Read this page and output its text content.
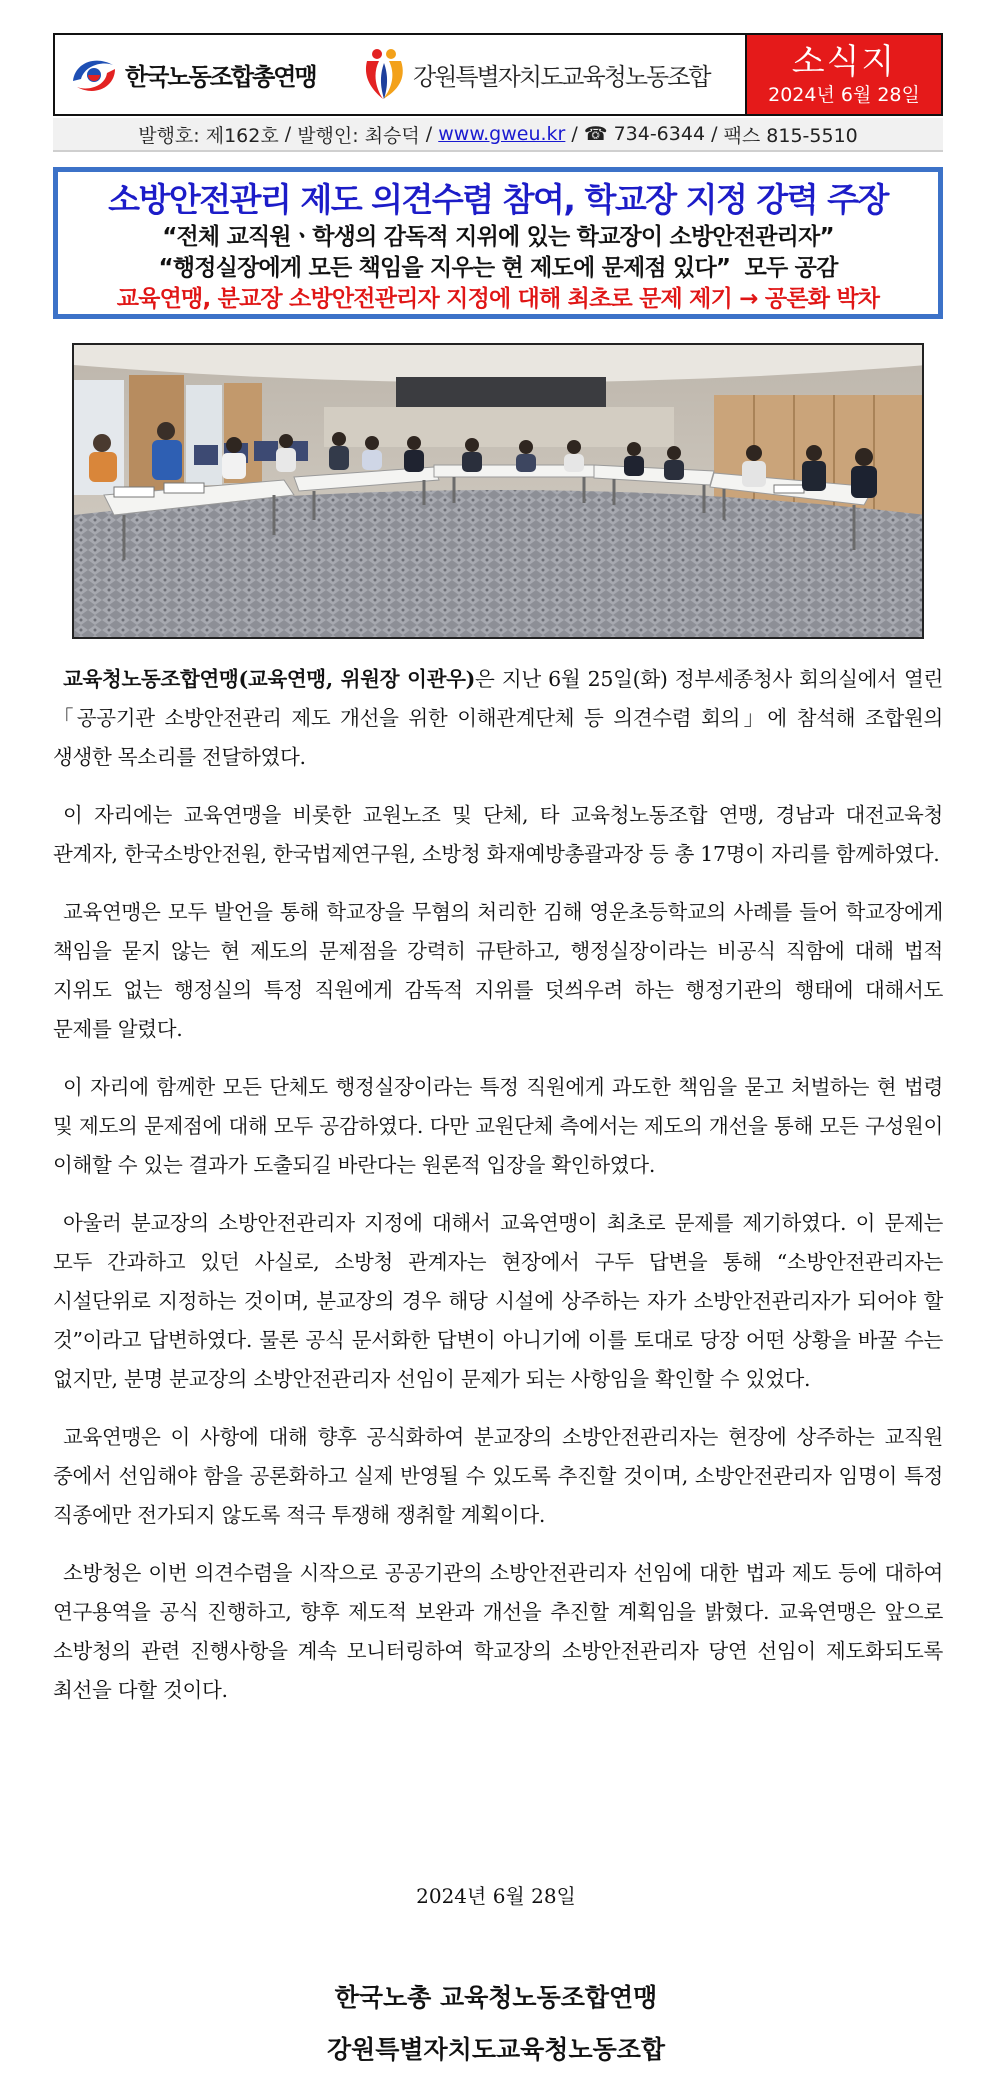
한국노동조합총연맹	강원특별자치도교육청노동조합 소식지
2024년 6월 28일
발행호: 제162호 / 발행인: 최승덕 / www.gweu.kr / ☎
734-6344 / 팩스 815-5510
소방안전관리 제도 의견수렴 참여, 학교장 지정 강력 주장
“전체 교직원ㆍ학생의 감독적 지위에 있는 학교장이 소방안전관리자”
“행정실장에게 모든 책임을 지우는 현 제도에 문제점 있다”  모두 공감
교육연맹, 분교장 소방안전관리자 지정에 대해 최초로 문제 제기 → 공론화 박차

교육청노동조합연맹(교육연맹, 위원장 이관우)은 지난 6월 25일(화) 정부세종청사 회의실에서 열린「공공기관 소방안전관리 제도 개선을 위한 이해관계단체 등 의견수렴 회의」에 참석해 조합원의 생생한 목소리를 전달하였다.

이 자리에는 교육연맹을 비롯한 교원노조 및 단체, 타 교육청노동조합 연맹, 경남과 대전교육청 관계자, 한국소방안전원, 한국법제연구원, 소방청 화재예방총괄과장 등 총 17명이 자리를 함께하였다.

교육연맹은 모두 발언을 통해 학교장을 무혐의 처리한 김해 영운초등학교의 사례를 들어 학교장에게 책임을 묻지 않는 현 제도의 문제점을 강력히 규탄하고, 행정실장이라는 비공식 직함에 대해 법적 지위도 없는 행정실의 특정 직원에게 감독적 지위를 덧씌우려 하는 행정기관의 행태에 대해서도 문제를 알렸다.

이 자리에 함께한 모든 단체도 행정실장이라는 특정 직원에게 과도한 책임을 묻고 처벌하는 현 법령 및 제도의 문제점에 대해 모두 공감하였다. 다만 교원단체 측에서는 제도의 개선을 통해 모든 구성원이 이해할 수 있는 결과가 도출되길 바란다는 원론적 입장을 확인하였다.

아울러 분교장의 소방안전관리자 지정에 대해서 교육연맹이 최초로 문제를 제기하였다. 이 문제는 모두 간과하고 있던 사실로, 소방청 관계자는 현장에서 구두 답변을 통해 “소방안전관리자는 시설단위로 지정하는 것이며, 분교장의 경우 해당 시설에 상주하는 자가 소방안전관리자가 되어야 할 것”이라고 답변하였다. 물론 공식 문서화한 답변이 아니기에 이를 토대로 당장 어떤 상황을 바꿀 수는 없지만, 분명 분교장의 소방안전관리자 선임이 문제가 되는 사항임을 확인할 수 있었다.

교육연맹은 이 사항에 대해 향후 공식화하여 분교장의 소방안전관리자는 현장에 상주하는 교직원 중에서 선임해야 함을 공론화하고 실제 반영될 수 있도록 추진할 것이며, 소방안전관리자 임명이 특정 직종에만 전가되지 않도록 적극 투쟁해 쟁취할 계획이다.

소방청은 이번 의견수렴을 시작으로 공공기관의 소방안전관리자 선임에 대한 법과 제도 등에 대하여 연구용역을 공식 진행하고, 향후 제도적 보완과 개선을 추진할 계획임을 밝혔다. 교육연맹은 앞으로 소방청의 관련 진행사항을 계속 모니터링하여 학교장의 소방안전관리자 당연 선임이 제도화되도록 최선을 다할 것이다.

2024년 6월 28일
한국노총 교육청노동조합연맹
강원특별자치도교육청노동조합
